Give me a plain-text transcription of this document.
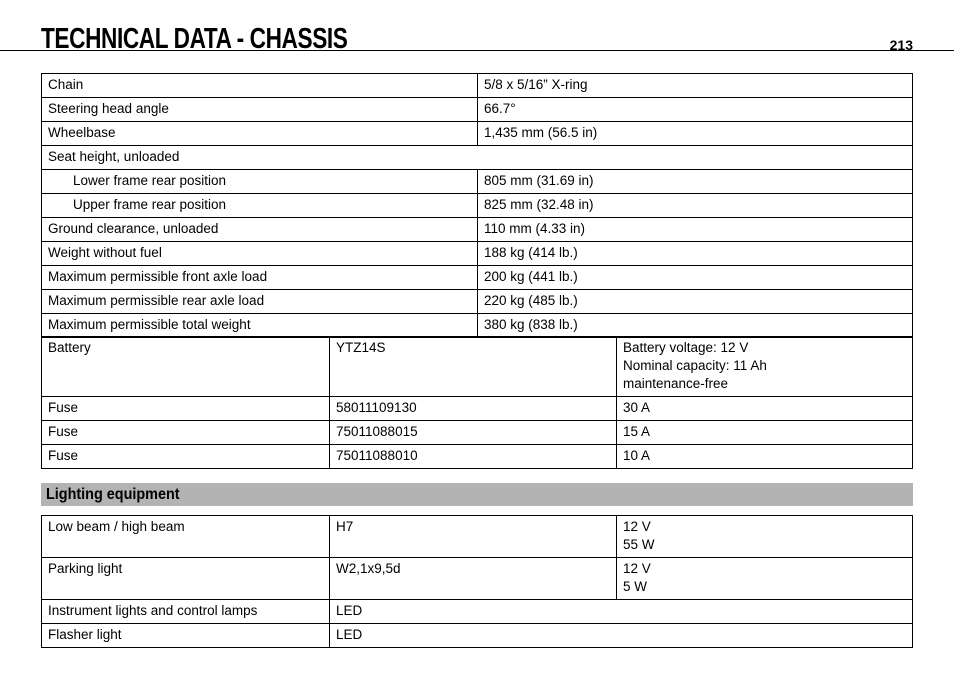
TECHNICAL DATA - CHASSIS	213
Chain	5/8 x 5/16” X-ring
Steering head angle	66.7°
Wheelbase	1,435 mm (56.5 in)
Seat height, unloaded	
Lower frame rear position	805 mm (31.69 in)
Upper frame rear position	825 mm (32.48 in)
Ground clearance, unloaded	110 mm (4.33 in)
Weight without fuel	188 kg (414 lb.)
Maximum permissible front axle load	200 kg (441 lb.)
Maximum permissible rear axle load	220 kg (485 lb.)
Maximum permissible total weight	380 kg (838 lb.)
Battery	YTZ14S	Battery voltage: 12 V
Nominal capacity: 11 Ah
maintenance-free

Fuse	58011109130	30 A
Fuse	75011088015	15 A
Fuse	75011088010	10 A
Lighting equipment
Low beam / high beam	H7	12 V
55 W

Parking light	W2,1x9,5d	12 V
5 W

Instrument lights and control lamps	LED	
Flasher light	LED	
